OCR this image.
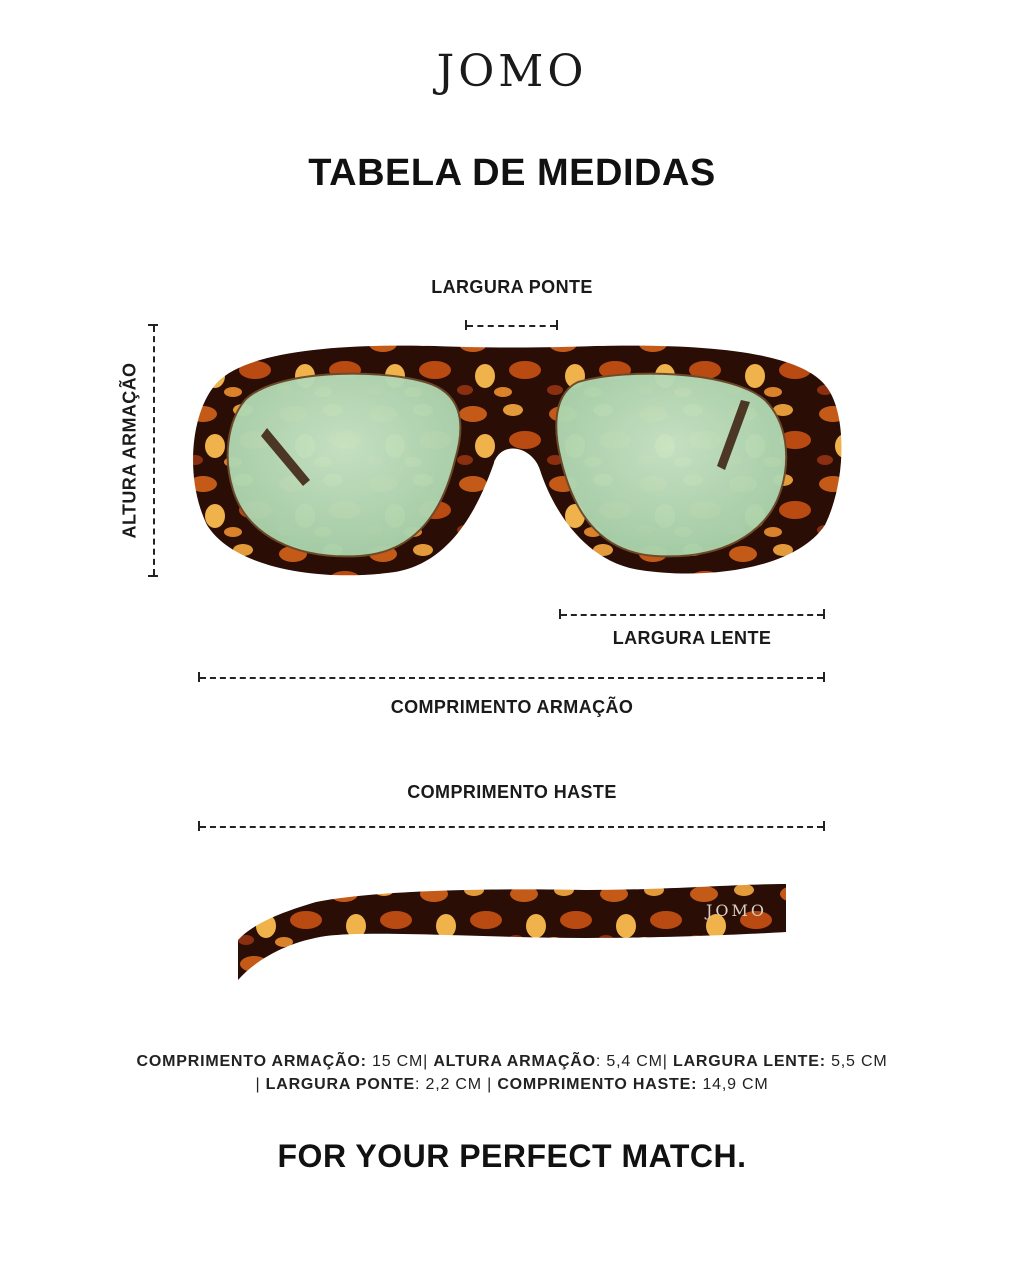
JOMO
TABELA DE MEDIDAS
LARGURA PONTE
ALTURA ARMAÇÃO
LARGURA LENTE
COMPRIMENTO ARMAÇÃO
COMPRIMENTO HASTE
JOMO
COMPRIMENTO ARMAÇÃO: 15 CM| ALTURA ARMAÇÃO: 5,4 CM| LARGURA LENTE: 5,5 CM
| LARGURA PONTE: 2,2 CM | COMPRIMENTO HASTE: 14,9 CM
FOR YOUR PERFECT MATCH.
